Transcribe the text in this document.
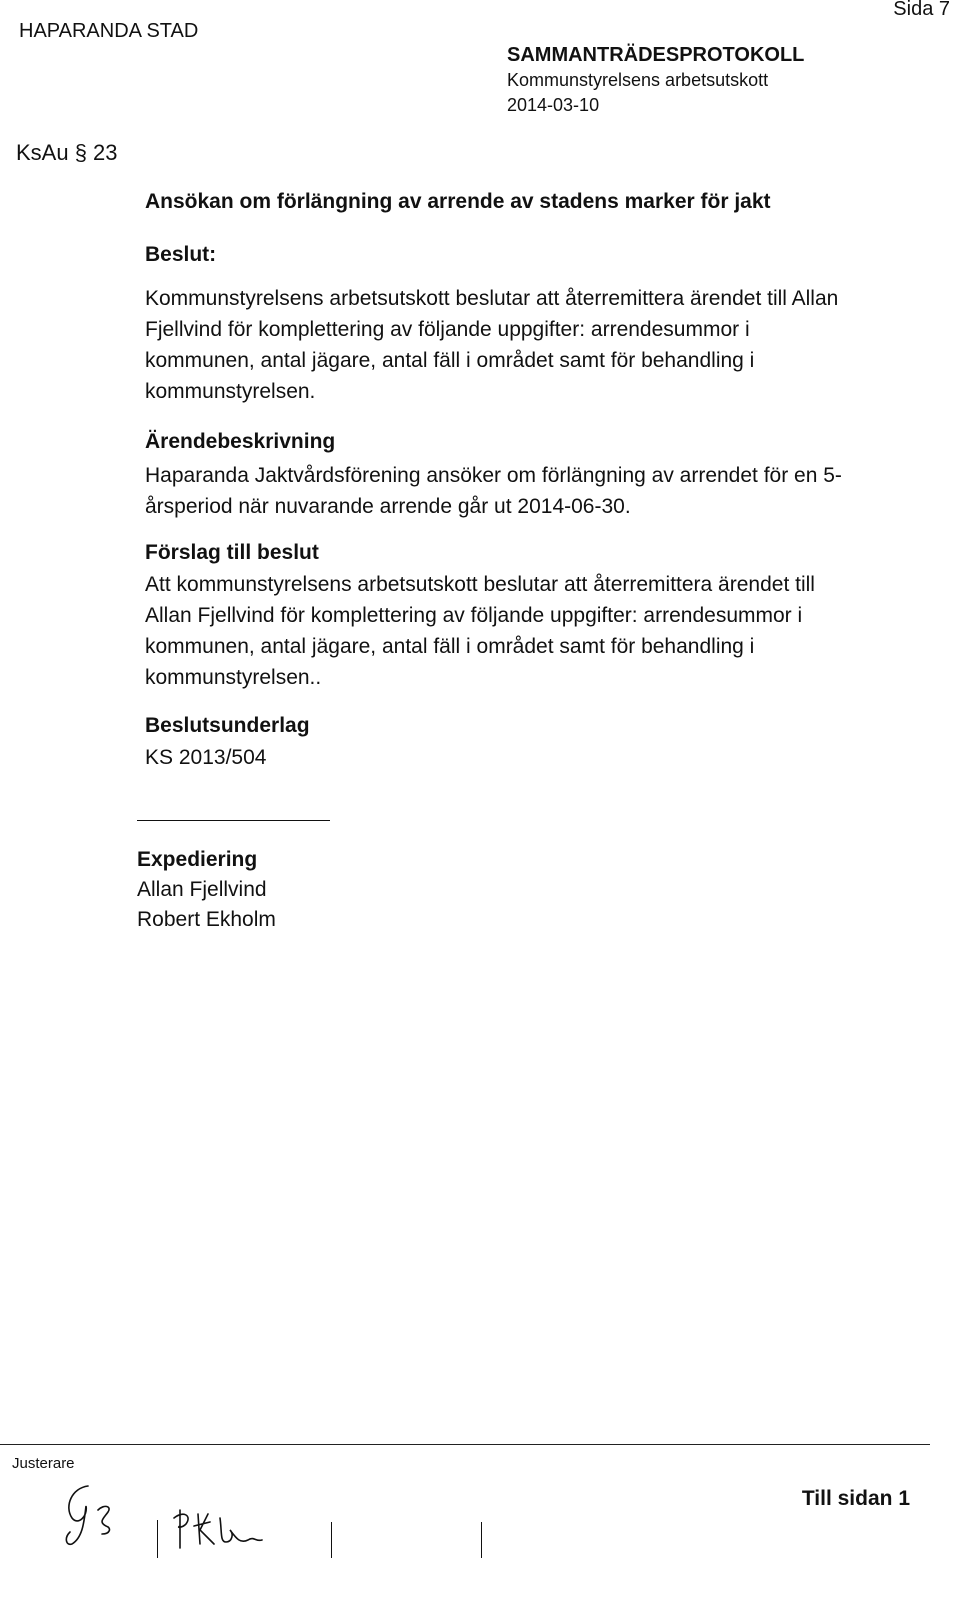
HAPARANDA STAD
Sida 7
SAMMANTRÄDESPROTOKOLL
Kommunstyrelsens arbetsutskott
2014-03-10
KsAu § 23
Ansökan om förlängning av arrende av stadens marker för jakt
Beslut:
Kommunstyrelsens arbetsutskott beslutar att återremittera ärendet till Allan
Fjellvind för komplettering av följande uppgifter: arrendesummor i
kommunen, antal jägare, antal fäll i området samt för behandling i
kommunstyrelsen.
Ärendebeskrivning
Haparanda Jaktvårdsförening ansöker om förlängning av arrendet för en 5-
årsperiod när nuvarande arrende går ut 2014-06-30.
Förslag till beslut
Att kommunstyrelsens arbetsutskott beslutar att återremittera ärendet till
Allan Fjellvind för komplettering av följande uppgifter: arrendesummor i
kommunen, antal jägare, antal fäll i området samt för behandling i
kommunstyrelsen..
Beslutsunderlag
KS 2013/504
Expediering
Allan Fjellvind
Robert Ekholm
Justerare
Till sidan 1
